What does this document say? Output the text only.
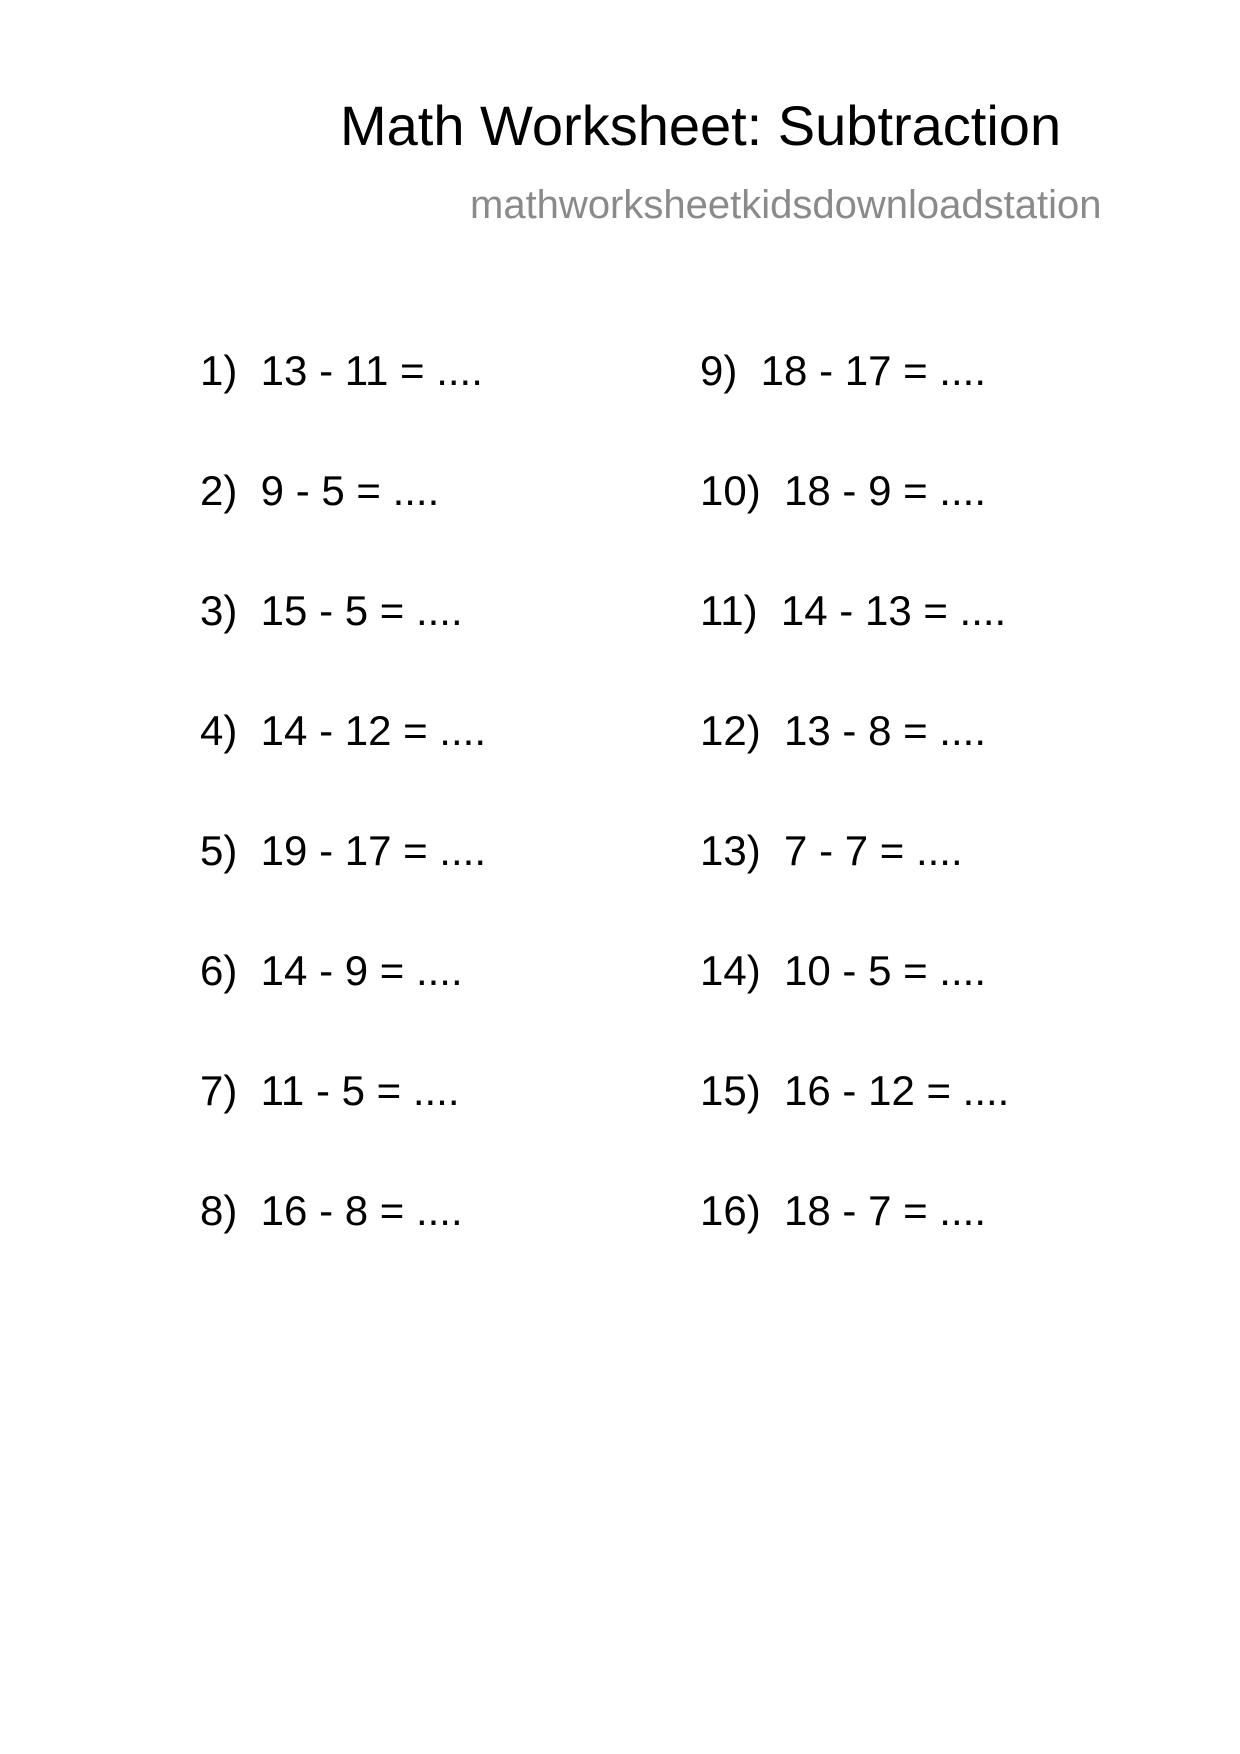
Math Worksheet: Subtraction
mathworksheetkidsdownloadstation
1)  13 - 11 = ....
2)  9 - 5 = ....
3)  15 - 5 = ....
4)  14 - 12 = ....
5)  19 - 17 = ....
6)  14 - 9 = ....
7)  11 - 5 = ....
8)  16 - 8 = ....
9)  18 - 17 = ....
10)  18 - 9 = ....
11)  14 - 13 = ....
12)  13 - 8 = ....
13)  7 - 7 = ....
14)  10 - 5 = ....
15)  16 - 12 = ....
16)  18 - 7 = ....
